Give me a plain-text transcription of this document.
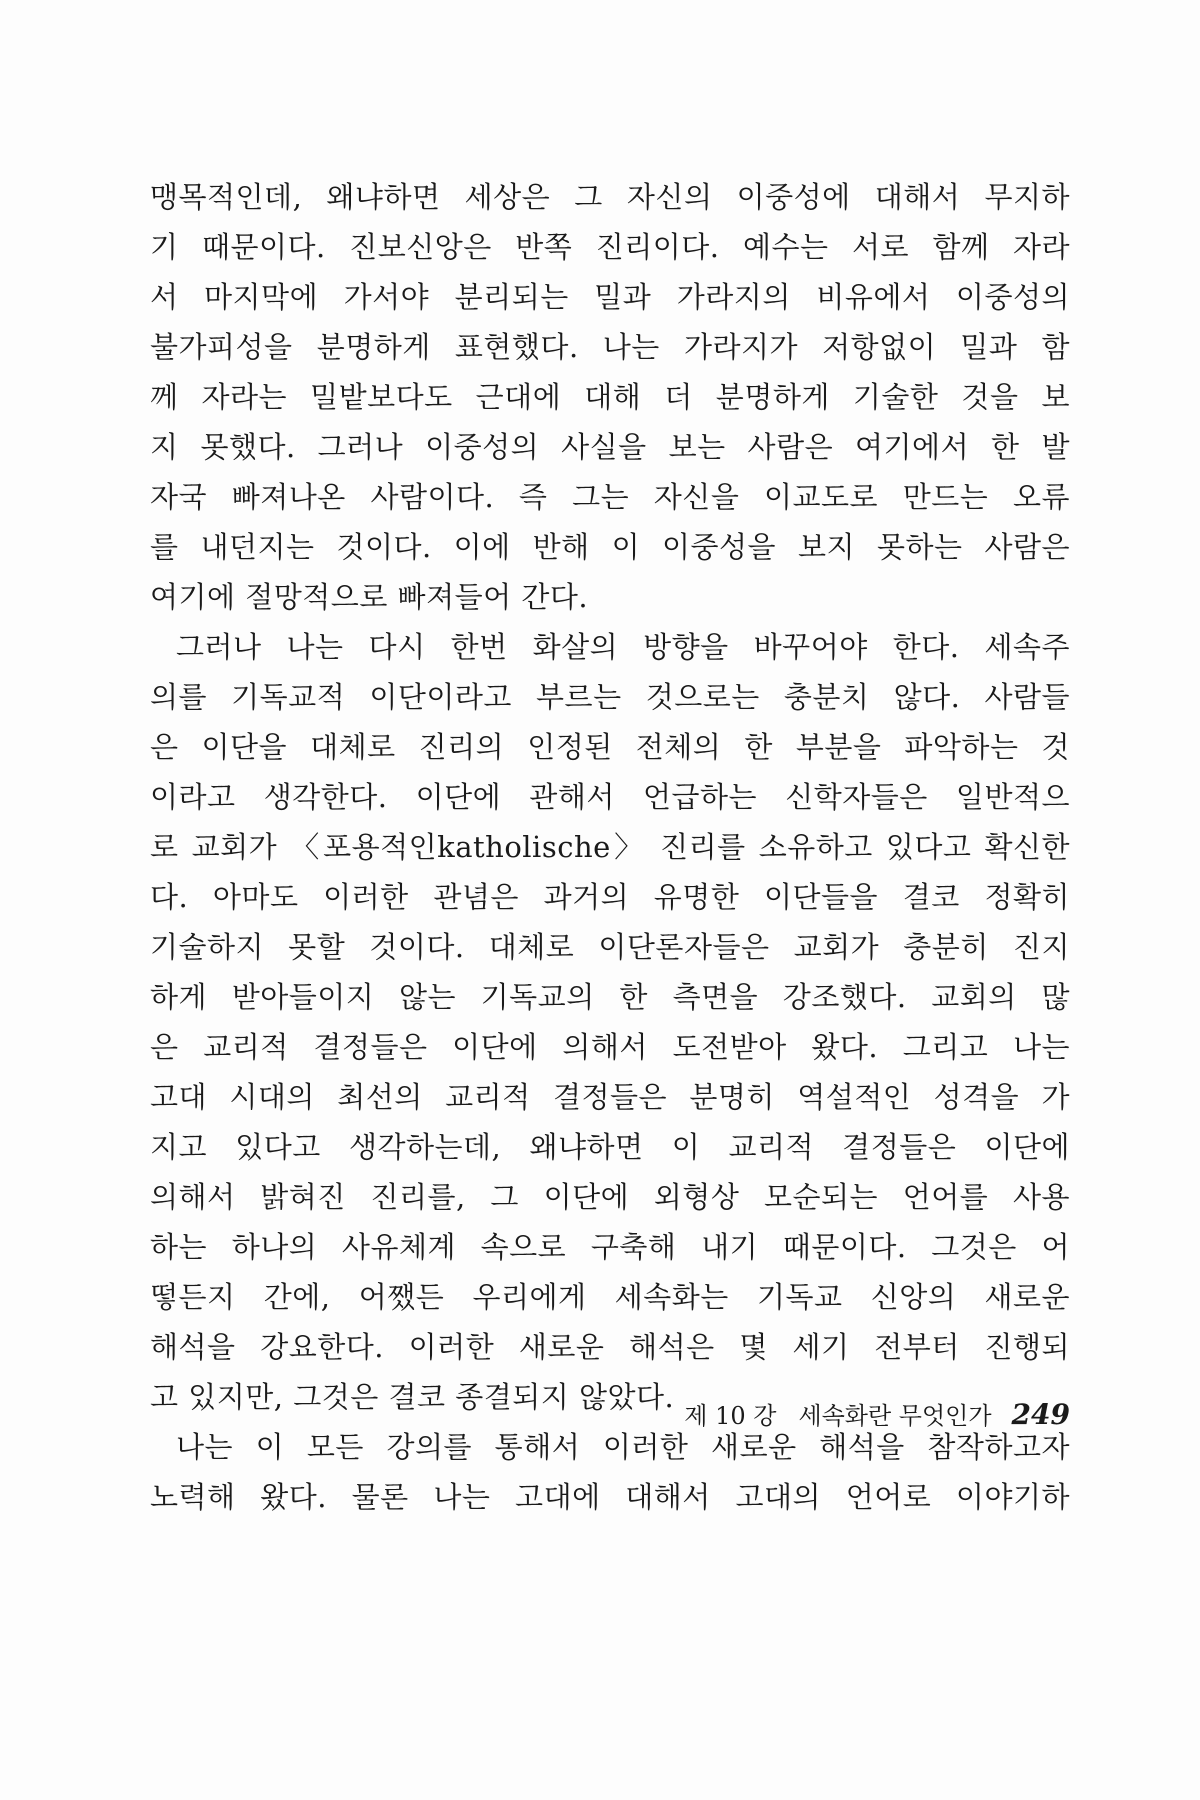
맹목적인데, 왜냐하면 세상은 그 자신의 이중성에 대해서 무지하
기 때문이다. 진보신앙은 반쪽 진리이다. 예수는 서로 함께 자라
서 마지막에 가서야 분리되는 밀과 가라지의 비유에서 이중성의
불가피성을 분명하게 표현했다. 나는 가라지가 저항없이 밀과 함
께 자라는 밀밭보다도 근대에 대해 더 분명하게 기술한 것을 보
지 못했다. 그러나 이중성의 사실을 보는 사람은 여기에서 한 발
자국 빠져나온 사람이다. 즉 그는 자신을 이교도로 만드는 오류
를 내던지는 것이다. 이에 반해 이 이중성을 보지 못하는 사람은
여기에 절망적으로 빠져들어 간다.
그러나 나는 다시 한번 화살의 방향을 바꾸어야 한다. 세속주
의를 기독교적 이단이라고 부르는 것으로는 충분치 않다. 사람들
은 이단을 대체로 진리의 인정된 전체의 한 부분을 파악하는 것
이라고 생각한다. 이단에 관해서 언급하는 신학자들은 일반적으
로 교회가 〈포용적인katholische〉 진리를 소유하고 있다고 확신한
다. 아마도 이러한 관념은 과거의 유명한 이단들을 결코 정확히
기술하지 못할 것이다. 대체로 이단론자들은 교회가 충분히 진지
하게 받아들이지 않는 기독교의 한 측면을 강조했다. 교회의 많
은 교리적 결정들은 이단에 의해서 도전받아 왔다. 그리고 나는
고대 시대의 최선의 교리적 결정들은 분명히 역설적인 성격을 가
지고 있다고 생각하는데, 왜냐하면 이 교리적 결정들은 이단에
의해서 밝혀진 진리를, 그 이단에 외형상 모순되는 언어를 사용
하는 하나의 사유체계 속으로 구축해 내기 때문이다. 그것은 어
떻든지 간에, 어쨌든 우리에게 세속화는 기독교 신앙의 새로운
해석을 강요한다. 이러한 새로운 해석은 몇 세기 전부터 진행되
고 있지만, 그것은 결코 종결되지 않았다.
나는 이 모든 강의를 통해서 이러한 새로운 해석을 참작하고자
노력해 왔다. 물론 나는 고대에 대해서 고대의 언어로 이야기하
제 10 강 세속화란 무엇인가 249
